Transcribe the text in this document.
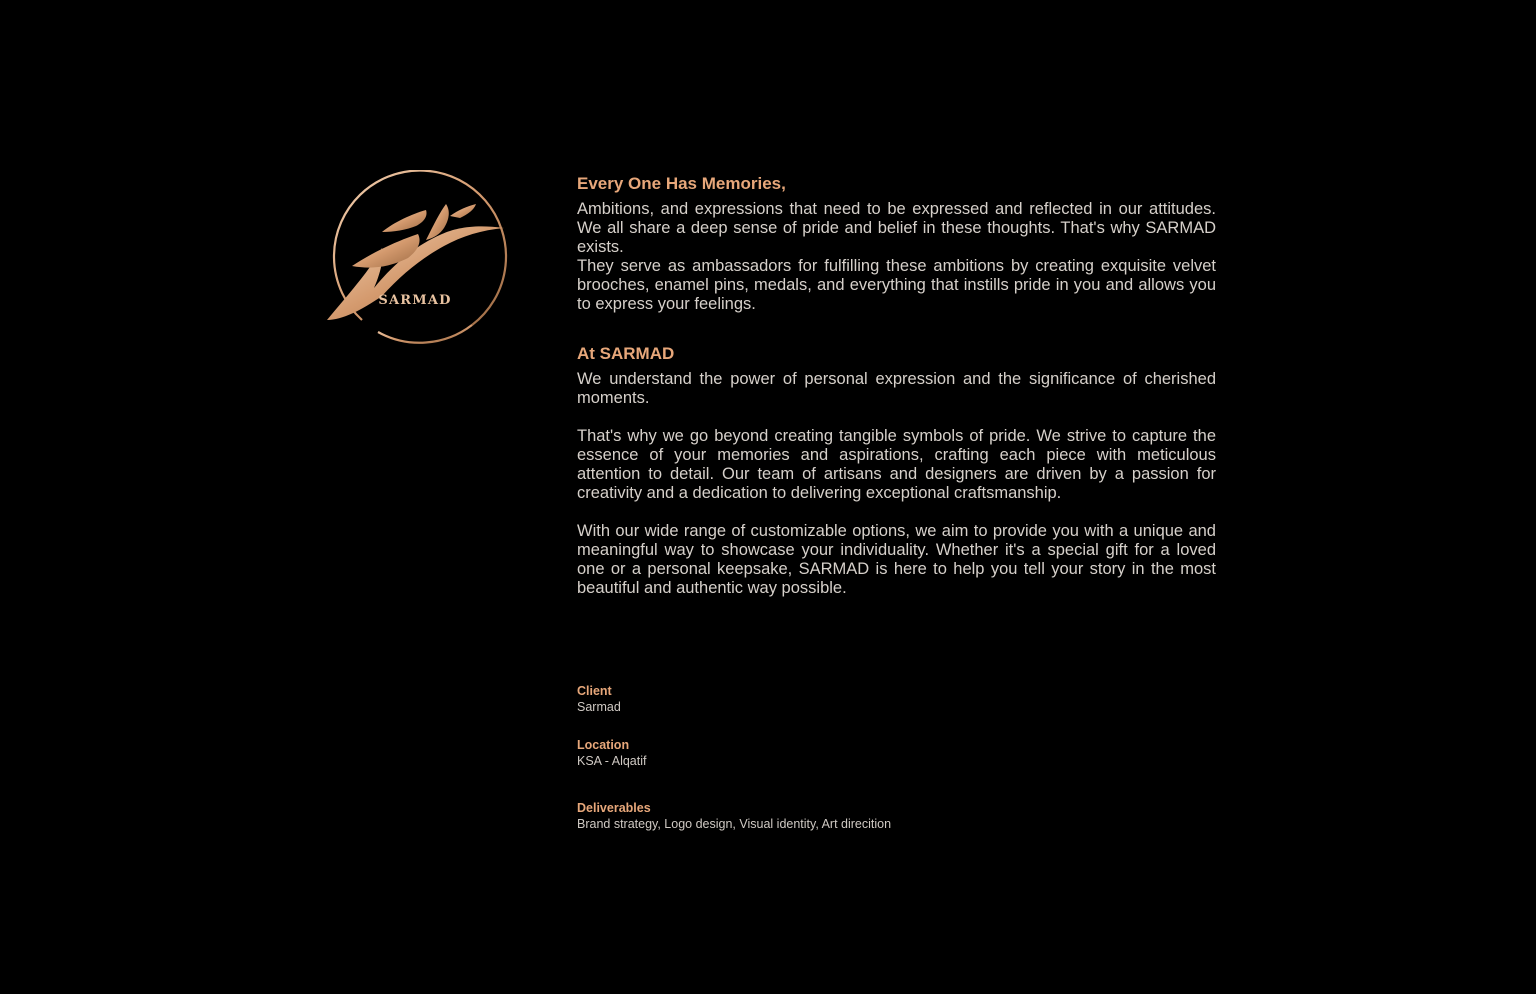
SARMAD
Every One Has Memories,

Ambitions, and expressions that need to be expressed and reflected in our attitudes. We all share a deep sense of pride and belief in these thoughts. That's why SARMAD exists.

They serve as ambassadors for fulfilling these ambitions by creating exquisite velvet brooches, enamel pins, medals, and everything that instills pride in you and allows you to express your feelings.

At SARMAD

We understand the power of personal expression and the significance of cherished moments.

That's why we go beyond creating tangible symbols of pride. We strive to capture the essence of your memories and aspirations, crafting each piece with meticulous attention to detail. Our team of artisans and designers are driven by a passion for creativity and a dedication to delivering exceptional craftsmanship.

With our wide range of customizable options, we aim to provide you with a unique and meaningful way to showcase your individuality. Whether it's a special gift for a loved one or a personal keepsake, SARMAD is here to help you tell your story in the most beautiful and authentic way possible.

Client
Sarmad
Location
KSA - Alqatif
Deliverables
Brand strategy, Logo design, Visual identity, Art direcition
